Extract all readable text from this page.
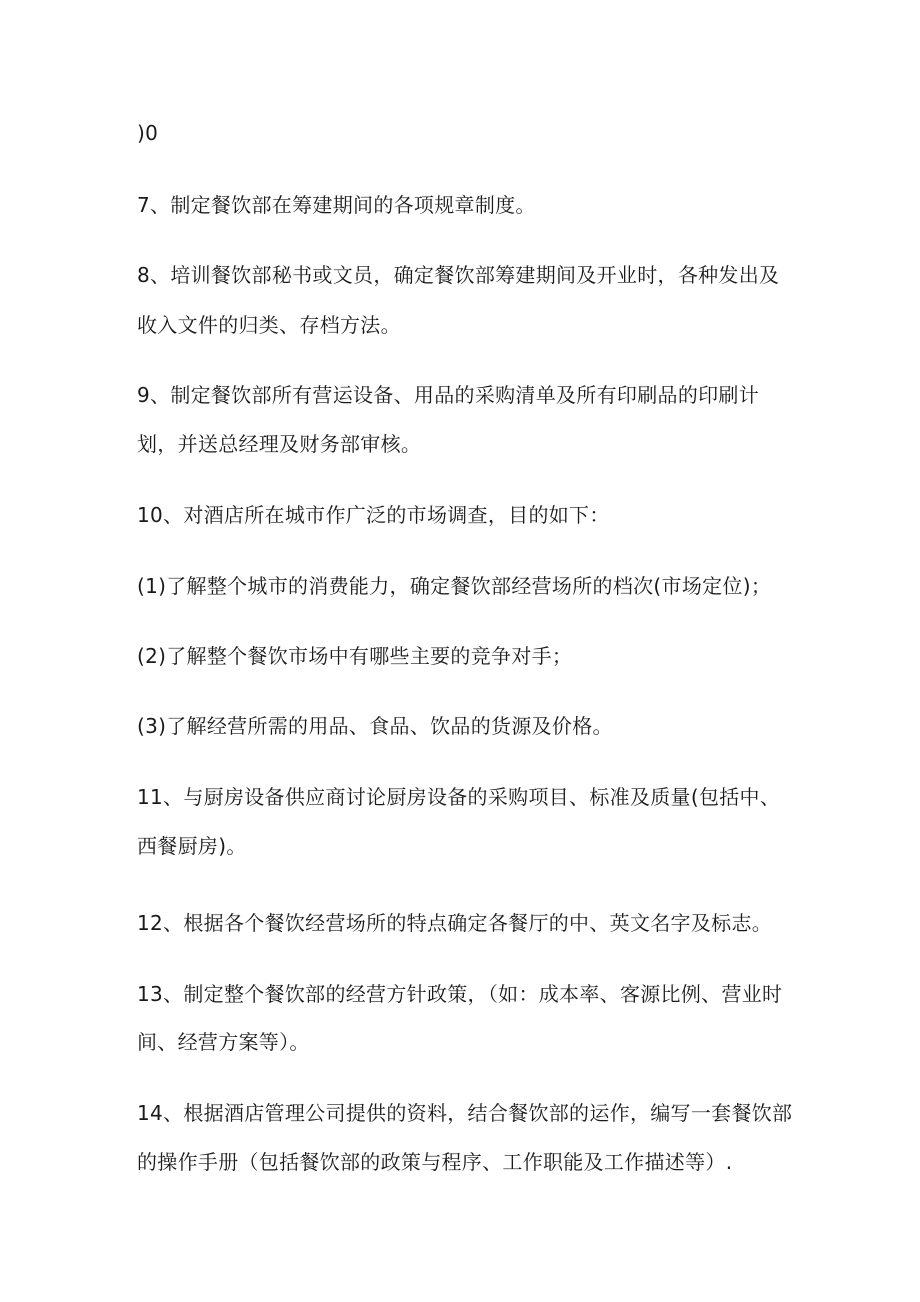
)0
7、制定餐饮部在筹建期间的各项规章制度。
8、培训餐饮部秘书或文员，确定餐饮部筹建期间及开业时，各种发出及
收入文件的归类、存档方法。
9、制定餐饮部所有营运设备、用品的采购清单及所有印刷品的印刷计
划，并送总经理及财务部审核。
10、对酒店所在城市作广泛的市场调查，目的如下：
(1)了解整个城市的消费能力，确定餐饮部经营场所的档次(市场定位)；
(2)了解整个餐饮市场中有哪些主要的竞争对手；
(3)了解经营所需的用品、食品、饮品的货源及价格。
11、与厨房设备供应商讨论厨房设备的采购项目、标准及质量(包括中、
西餐厨房)。
12、根据各个餐饮经营场所的特点确定各餐厅的中、英文名字及标志。
13、制定整个餐饮部的经营方针政策，（如：成本率、客源比例、营业时
间、经营方案等）。
14、根据酒店管理公司提供的资料，结合餐饮部的运作，编写一套餐饮部
的操作手册（包括餐饮部的政策与程序、工作职能及工作描述等）.
